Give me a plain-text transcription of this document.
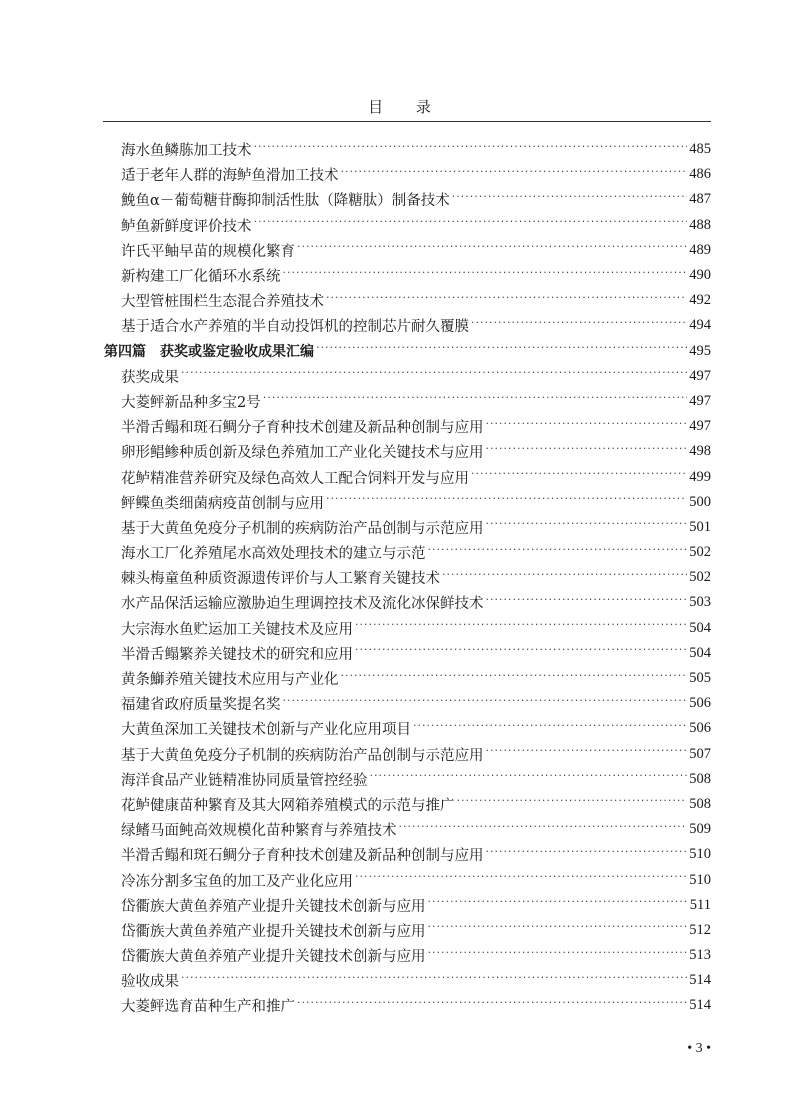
目 录
海水鱼鳞胨加工技术 ·····	485
适于老年人群的海鲈鱼滑加工技术 ·····	486
鮸鱼α－葡萄糖苷酶抑制活性肽（降糖肽）制备技术 ·····	487
鲈鱼新鲜度评价技术 ·····	488
许氏平鲉早苗的规模化繁育 ·····	489
新构建工厂化循环水系统 ·····	490
大型管桩围栏生态混合养殖技术 ·····	492
基于适合水产养殖的半自动投饵机的控制芯片耐久覆膜 ·····	494
第四篇　获奖或鉴定验收成果汇编 ·····	495
获奖成果 ·····	497
大菱鲆新品种多宝2号 ·····	497
半滑舌鳎和斑石鲷分子育种技术创建及新品种创制与应用 ·····	497
卵形鲳鲹种质创新及绿色养殖加工产业化关键技术与应用 ·····	498
花鲈精准营养研究及绿色高效人工配合饲料开发与应用 ·····	499
鲆鲽鱼类细菌病疫苗创制与应用 ·····	500
基于大黄鱼免疫分子机制的疾病防治产品创制与示范应用 ·····	501
海水工厂化养殖尾水高效处理技术的建立与示范 ·····	502
棘头梅童鱼种质资源遗传评价与人工繁育关键技术 ·····	502
水产品保活运输应激胁迫生理调控技术及流化冰保鲜技术 ·····	503
大宗海水鱼贮运加工关键技术及应用 ·····	504
半滑舌鳎繁养关键技术的研究和应用 ·····	504
黄条鰤养殖关键技术应用与产业化 ·····	505
福建省政府质量奖提名奖 ·····	506
大黄鱼深加工关键技术创新与产业化应用项目 ·····	506
基于大黄鱼免疫分子机制的疾病防治产品创制与示范应用 ·····	507
海洋食品产业链精准协同质量管控经验 ·····	508
花鲈健康苗种繁育及其大网箱养殖模式的示范与推广 ·····	508
绿鳍马面鲀高效规模化苗种繁育与养殖技术 ·····	509
半滑舌鳎和斑石鲷分子育种技术创建及新品种创制与应用 ·····	510
冷冻分割多宝鱼的加工及产业化应用 ·····	510
岱衢族大黄鱼养殖产业提升关键技术创新与应用 ·····	511
岱衢族大黄鱼养殖产业提升关键技术创新与应用 ·····	512
岱衢族大黄鱼养殖产业提升关键技术创新与应用 ·····	513
验收成果 ·····	514
大菱鲆选育苗种生产和推广 ·····	514
• 3 •
